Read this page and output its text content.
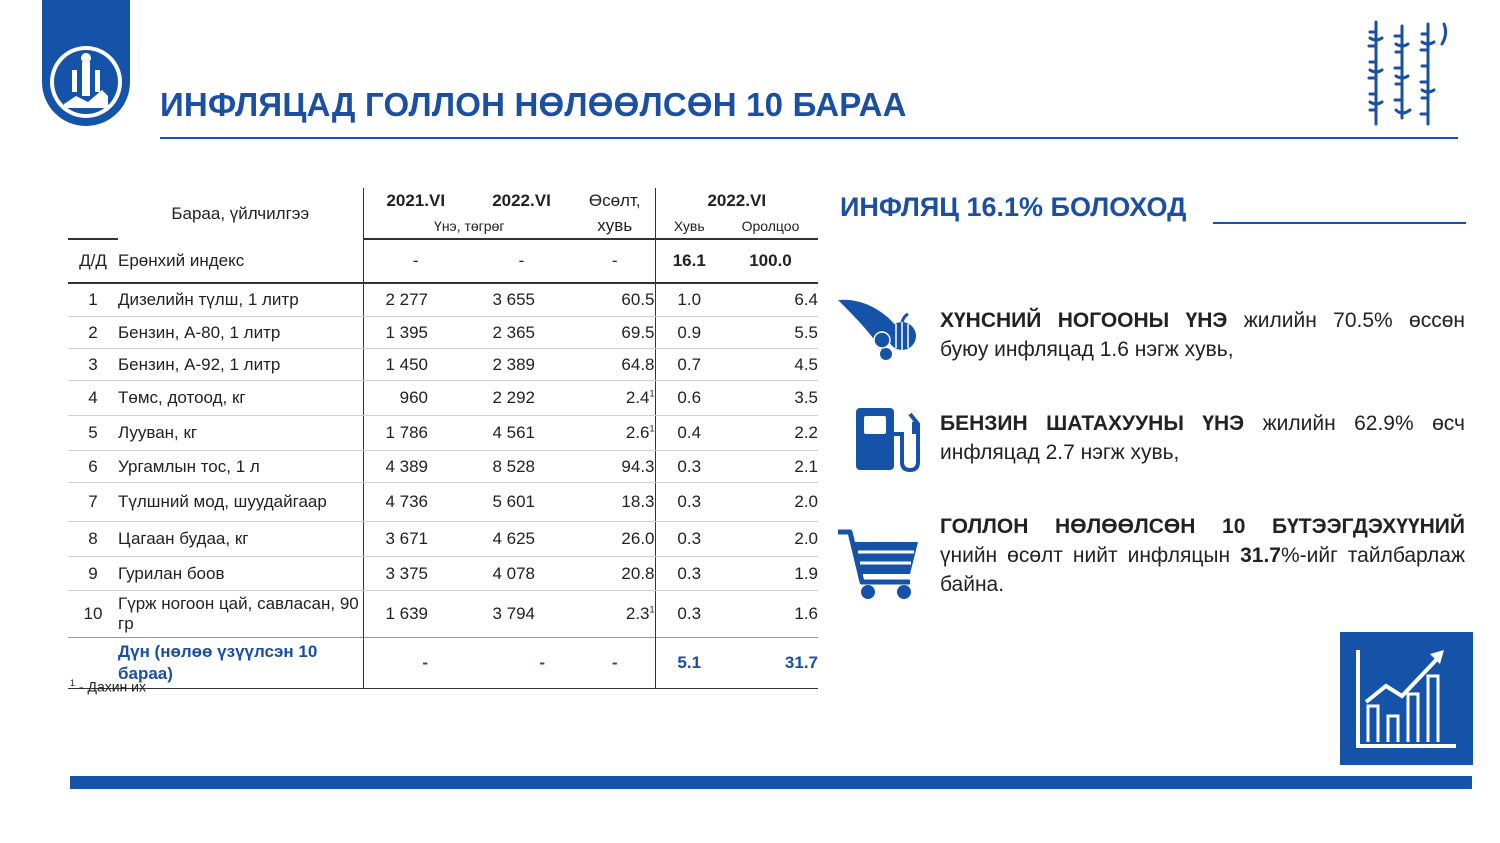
ИНФЛЯЦАД ГОЛЛОН НӨЛӨӨЛСӨН 10 БАРАА
	Бараа, үйлчилгээ	2021.VI	2022.VI	Өсөлт,	2022.VI	
		Үнэ, төгрөг		хувь	Хувь	Оролцоо
Д/Д	Ерөнхий индекс	-	-	-	16.1	100.0
1	Дизелийн түлш, 1 литр	2 277	3 655	60.5	1.0	6.4
2	Бензин, А-80, 1 литр	1 395	2 365	69.5	0.9	5.5
3	Бензин, А-92, 1 литр	1 450	2 389	64.8	0.7	4.5
4	Төмс, дотоод, кг	960	2 292	$2.4^1$	0.6	3.5
5	Лууван, кг	1 786	4 561	$2.6^1$	0.4	2.2
6	Ургамлын тос, 1 л	4 389	8 528	94.3	0.3	2.1
7	Түлшний мод, шуудайгаар	4 736	5 601	18.3	0.3	2.0
8	Цагаан будаа, кг	3 671	4 625	26.0	0.3	2.0
9	Гурилан боов	3 375	4 078	20.8	0.3	1.9
10	Гүрж ногоон цай, савласан, 90 гр	1 639	3 794	$2.3^1$	0.3	1.6
	Дүн (нөлөө үзүүлсэн 10 бараа)	-	-	-	5.1	31.7
$^1$ - Дахин их
ИНФЛЯЦ 16.1% БОЛОХОД
ХҮНСНИЙ НОГООНЫ ҮНЭ жилийн 70.5% өссөн буюу инфляцад 1.6 нэгж хувь,
БЕНЗИН ШАТАХУУНЫ ҮНЭ жилийн 62.9% өсч инфляцад 2.7 нэгж хувь,
ГОЛЛОН НӨЛӨӨЛСӨН 10 БҮТЭЭГДЭХҮҮНИЙ үнийн өсөлт нийт инфляцын 31.7%-ийг тайлбарлаж байна.
